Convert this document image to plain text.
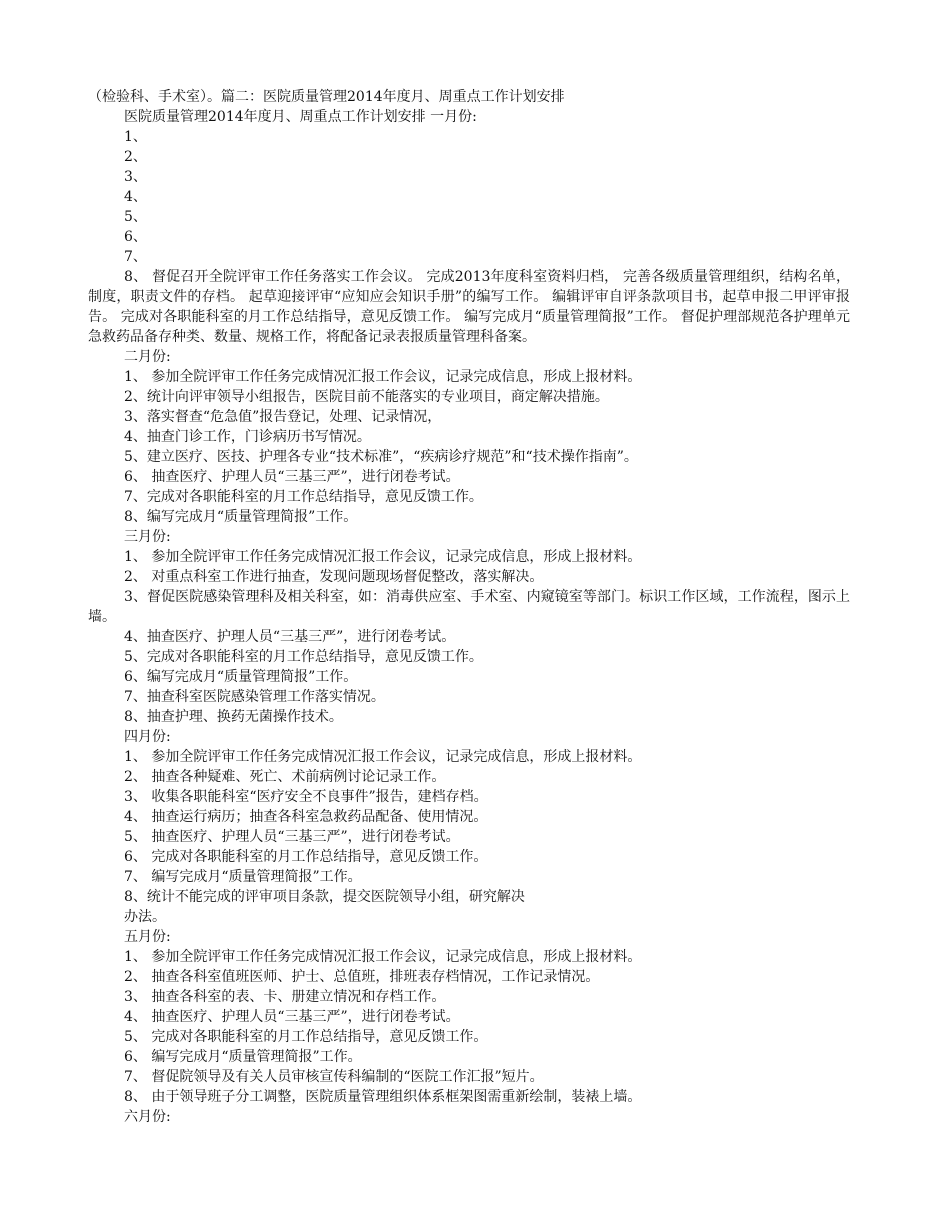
（检验科、手术室）。篇二：医院质量管理2014年度月、周重点工作计划安排
医院质量管理2014年度月、周重点工作计划安排 一月份:
1、
2、
3、
4、
5、
6、
7、
8、 督促召开全院评审工作任务落实工作会议。 完成2013年度科室资料归档， 完善各级质量管理组织，结构名单，制度，职责文件的存档。 起草迎接评审“应知应会知识手册”的编写工作。 编辑评审自评条款项目书，起草申报二甲评审报告。 完成对各职能科室的月工作总结指导，意见反馈工作。 编写完成月“质量管理简报”工作。 督促护理部规范各护理单元急救药品备存种类、数量、规格工作，将配备记录表报质量管理科备案。
二月份:
1、 参加全院评审工作任务完成情况汇报工作会议，记录完成信息，形成上报材料。
2、统计向评审领导小组报告，医院目前不能落实的专业项目，商定解决措施。
3、落实督查“危急值”报告登记，处理、记录情况，
4、抽查门诊工作，门诊病历书写情况。
5、建立医疗、医技、护理各专业“技术标准”，“疾病诊疗规范”和“技术操作指南”。
6、 抽查医疗、护理人员“三基三严”，进行闭卷考试。
7、完成对各职能科室的月工作总结指导，意见反馈工作。
8、编写完成月“质量管理简报”工作。
三月份:
1、 参加全院评审工作任务完成情况汇报工作会议，记录完成信息，形成上报材料。
2、 对重点科室工作进行抽查，发现问题现场督促整改，落实解决。
3、督促医院感染管理科及相关科室，如：消毒供应室、手术室、内窥镜室等部门。标识工作区域，工作流程，图示上墙。
4、抽查医疗、护理人员“三基三严”，进行闭卷考试。
5、完成对各职能科室的月工作总结指导，意见反馈工作。
6、编写完成月“质量管理简报”工作。
7、抽查科室医院感染管理工作落实情况。
8、抽查护理、换药无菌操作技术。
四月份:
1、 参加全院评审工作任务完成情况汇报工作会议，记录完成信息，形成上报材料。
2、 抽查各种疑难、死亡、术前病例讨论记录工作。
3、 收集各职能科室“医疗安全不良事件”报告，建档存档。
4、 抽查运行病历；抽查各科室急救药品配备、使用情况。
5、 抽查医疗、护理人员“三基三严”，进行闭卷考试。
6、 完成对各职能科室的月工作总结指导，意见反馈工作。
7、 编写完成月“质量管理简报”工作。
8、统计不能完成的评审项目条款，提交医院领导小组，研究解决
办法。
五月份:
1、 参加全院评审工作任务完成情况汇报工作会议，记录完成信息，形成上报材料。
2、 抽查各科室值班医师、护士、总值班，排班表存档情况，工作记录情况。
3、 抽查各科室的表、卡、册建立情况和存档工作。
4、 抽查医疗、护理人员“三基三严”，进行闭卷考试。
5、 完成对各职能科室的月工作总结指导，意见反馈工作。
6、 编写完成月“质量管理简报”工作。
7、 督促院领导及有关人员审核宣传科编制的“医院工作汇报”短片。
8、 由于领导班子分工调整，医院质量管理组织体系框架图需重新绘制，装裱上墙。
六月份:
